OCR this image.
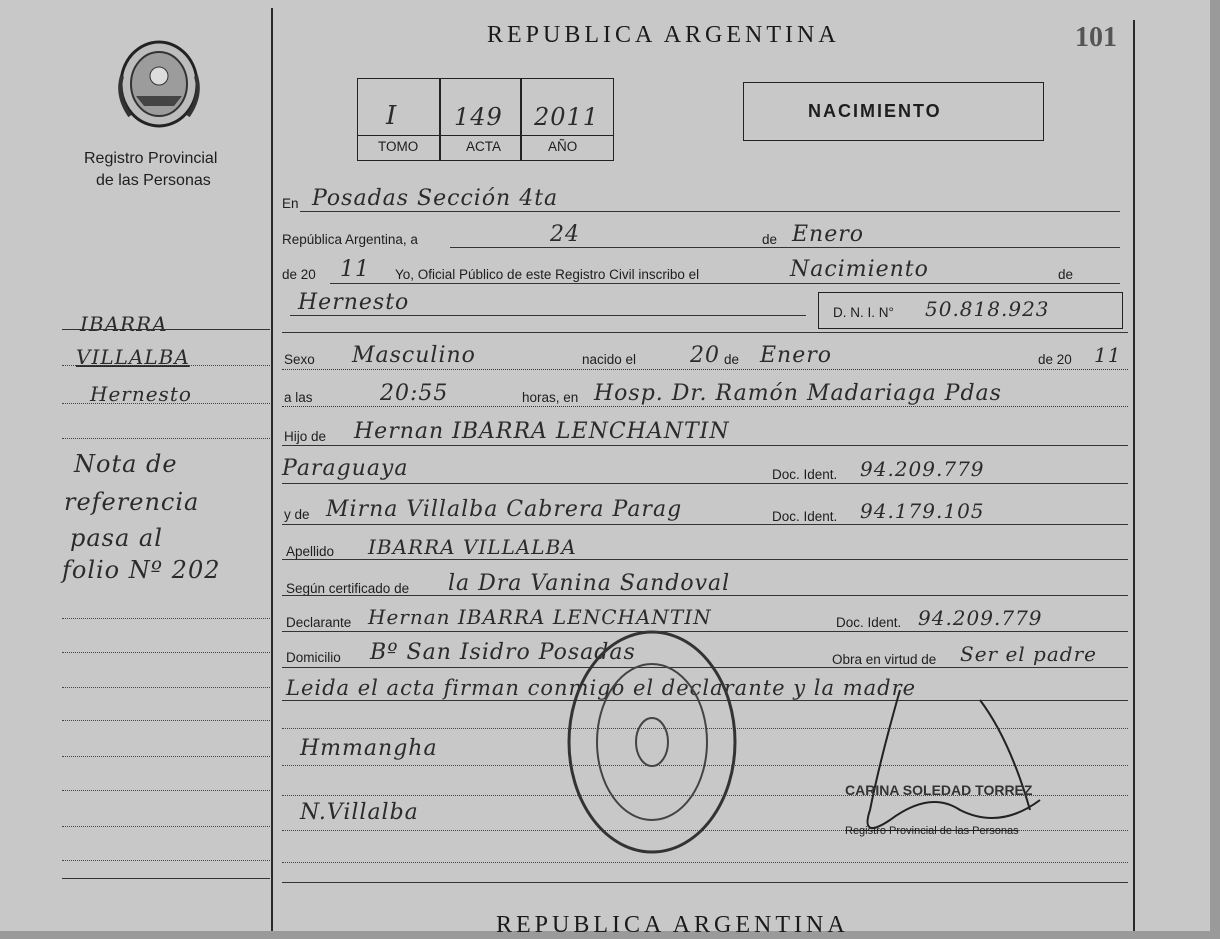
Registro Provincial
de las Personas
REPUBLICA ARGENTINA	101
I 149 2011
TOMO	ACTA	AÑO
NACIMIENTO
En Posadas Sección 4ta
República Argentina, a	24	de Enero
de 20 11 Yo, Oficial Público de este Registro Civil inscribo el	Nacimiento	de
Hernesto	D. N. I. N° 50.818.923
Sexo Masculino	nacido el 20 de Enero	de 20 11
a las	20:55	horas, en Hosp. Dr. Ramón Madariaga Pdas
Hijo de Hernan IBARRA LENCHANTIN
Paraguaya	Doc. Ident. 94.209.779
y de Mirna Villalba Cabrera Parag	Doc. Ident. 94.179.105
Apellido IBARRA VILLALBA
Según certificado de la Dra Vanina Sandoval
Declarante Hernan IBARRA LENCHANTIN	Doc. Ident. 94.209.779
Domicilio Bº San Isidro Posadas	Obra en virtud de Ser el padre
Leida el acta firman conmigo el declarante y la madre
Hmmangha
N.Villalba
CARINA SOLEDAD TORREZ
Registro Provincial de las Personas
IBARRA
VILLALBA
Hernesto
Nota de
referencia
pasa al
folio Nº 202
REPUBLICA ARGENTINA
